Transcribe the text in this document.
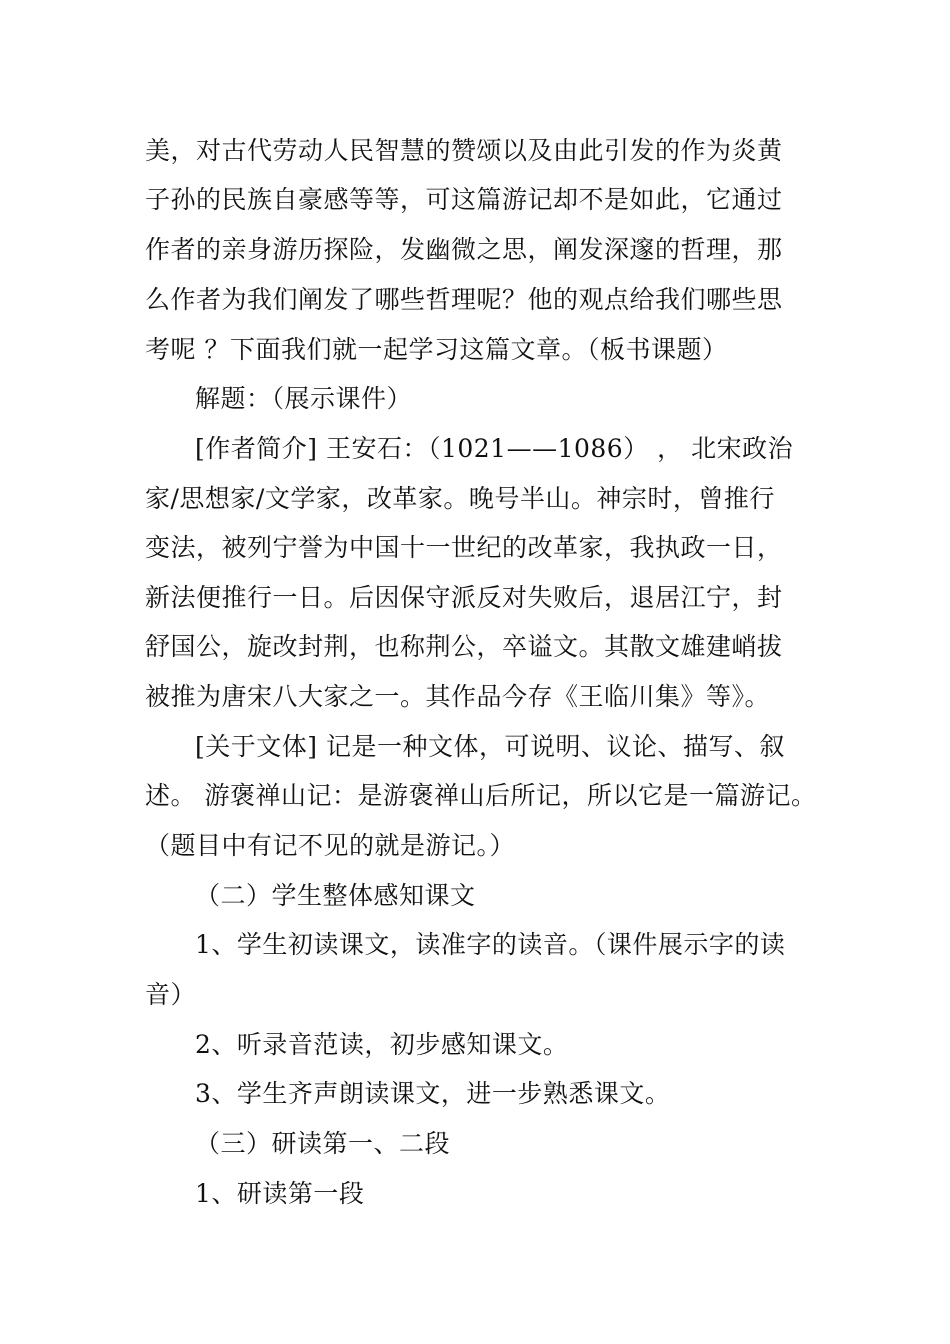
美，对古代劳动人民智慧的赞颂以及由此引发的作为炎黄
子孙的民族自豪感等等，可这篇游记却不是如此，它通过
作者的亲身游历探险，发幽微之思，阐发深邃的哲理，那
么作者为我们阐发了哪些哲理呢？他的观点给我们哪些思
考呢 ？下面我们就一起学习这篇文章。（板书课题）
解题：（展示课件）
[作者简介] 王安石：（1021——1086） ， 北宋政治
家/思想家/文学家，改革家。晚号半山。神宗时，曾推行
变法，被列宁誉为中国十一世纪的改革家，我执政一日，
新法便推行一日。后因保守派反对失败后，退居江宁，封
舒国公，旋改封荆，也称荆公，卒谥文。其散文雄建峭拔
被推为唐宋八大家之一。其作品今存《王临川集》等》。
[关于文体] 记是一种文体，可说明、议论、描写、叙
述。 游褒禅山记：是游褒禅山后所记，所以它是一篇游记。
（题目中有记不见的就是游记。）
（二）学生整体感知课文
1、学生初读课文，读准字的读音。（课件展示字的读
音）
2、听录音范读，初步感知课文。
3、学生齐声朗读课文，进一步熟悉课文。
（三）研读第一、二段
1、研读第一段
